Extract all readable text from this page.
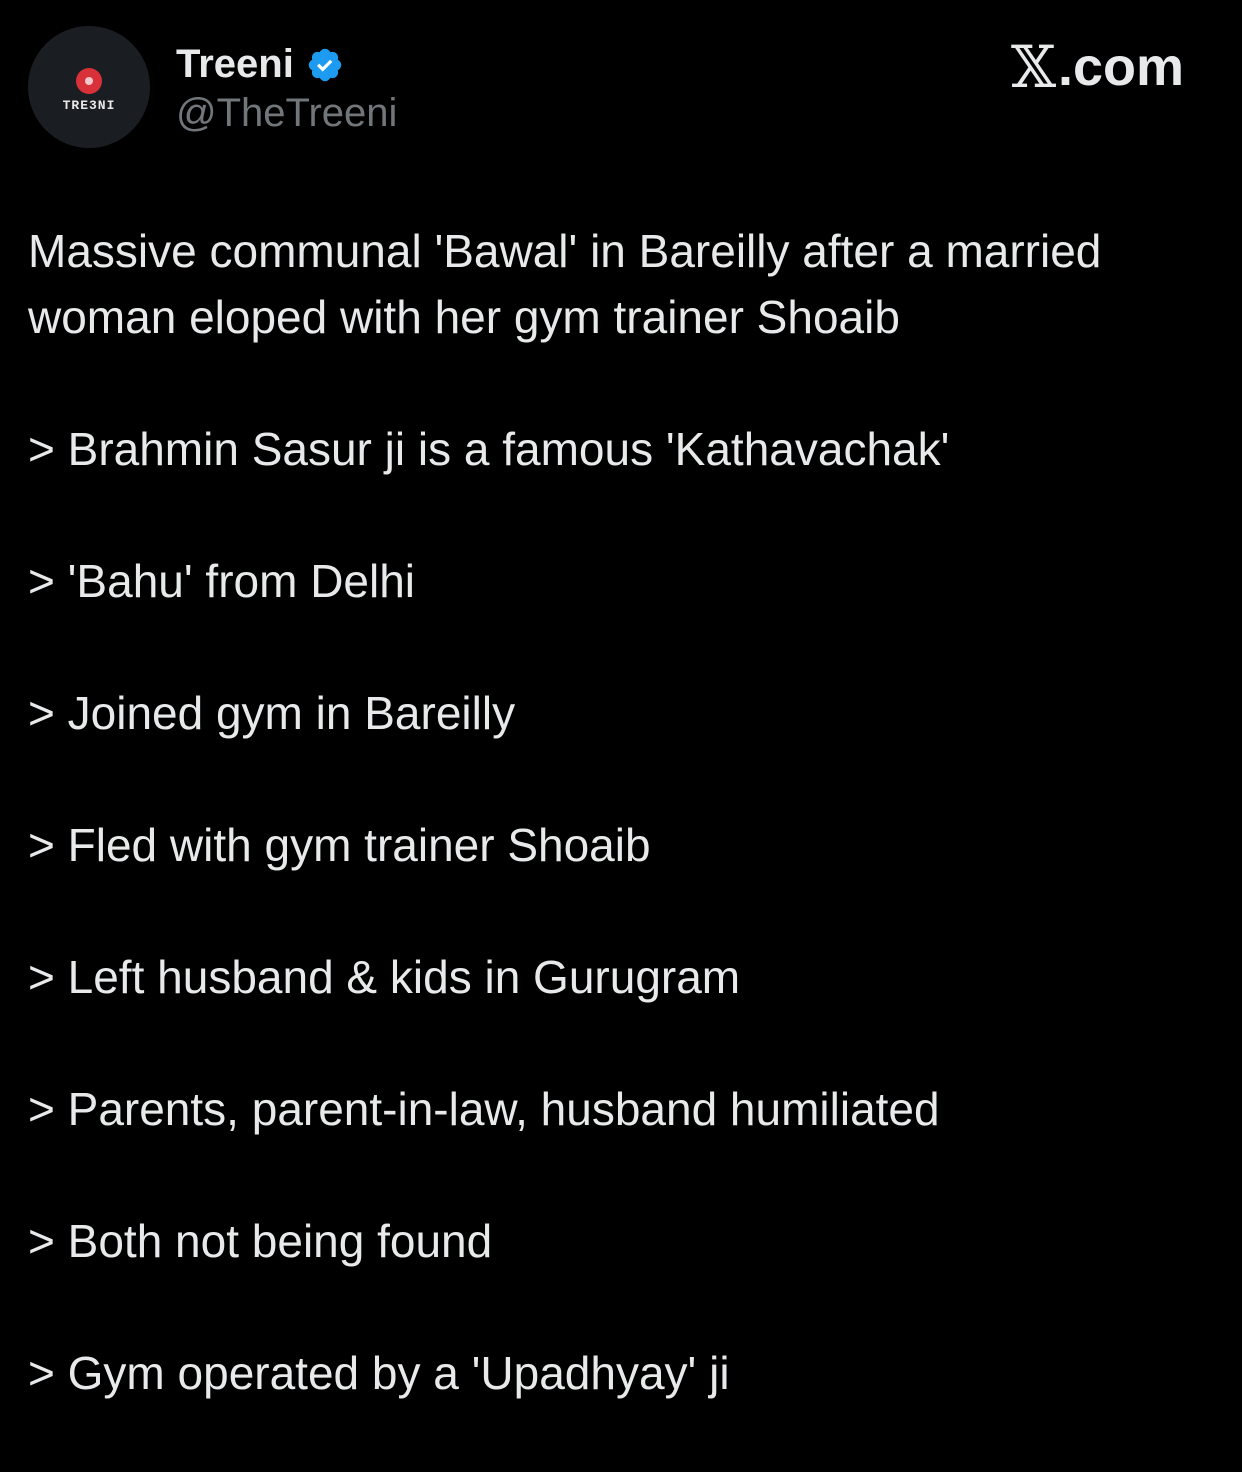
TRE3NI
Treeni
@TheTreeni
𝕏 .com

Massive communal 'Bawal' in Bareilly after a married woman eloped with her gym trainer Shoaib

> Brahmin Sasur ji is a famous 'Kathavachak'

> 'Bahu' from Delhi

> Joined gym in Bareilly

> Fled with gym trainer Shoaib

> Left husband & kids in Gurugram

> Parents, parent-in-law, husband humiliated

> Both not being found

> Gym operated by a 'Upadhyay' ji
